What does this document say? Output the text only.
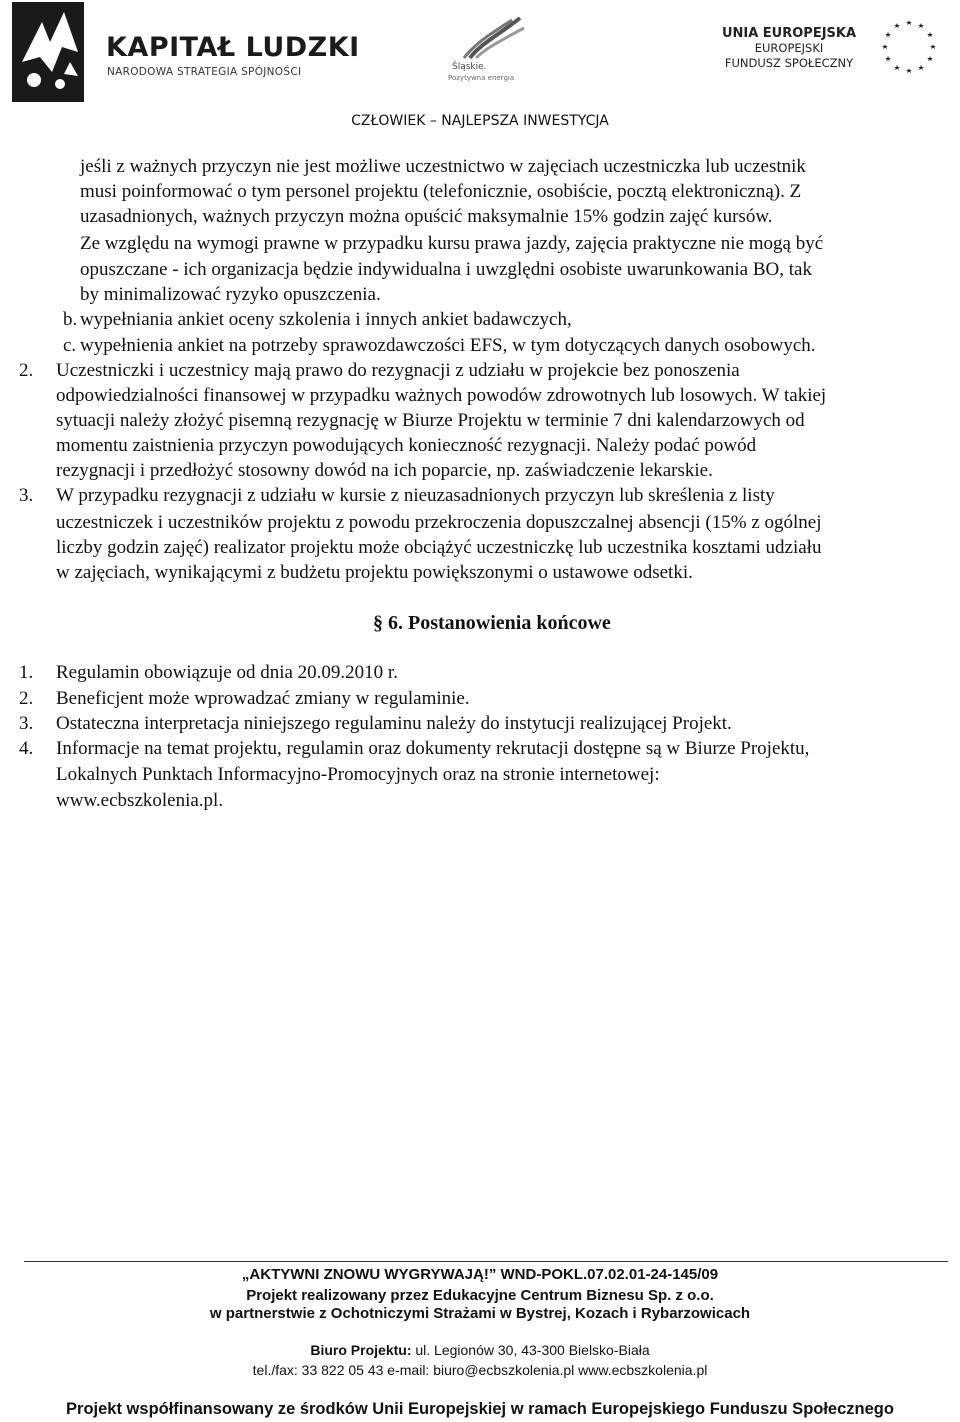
KAPITAŁ LUDZKI
NARODOWA STRATEGIA SPÓJNOŚCI	Śląskie.
Pozytywna energia
UNIA EUROPEJSKA
EUROPEJSKI
FUNDUSZ SPOŁECZNY
CZŁOWIEK – NAJLEPSZA INWESTYCJA
jeśli z ważnych przyczyn nie jest możliwe uczestnictwo w zajęciach uczestniczka lub uczestnik
musi poinformować o tym personel projektu (telefonicznie, osobiście, pocztą elektroniczną). Z
uzasadnionych, ważnych przyczyn można opuścić maksymalnie 15% godzin zajęć kursów.
Ze względu na wymogi prawne w przypadku kursu prawa jazdy, zajęcia praktyczne nie mogą być
opuszczane - ich organizacja będzie indywidualna i uwzględni osobiste uwarunkowania BO, tak
by minimalizować ryzyko opuszczenia.
b. wypełniania ankiet oceny szkolenia i innych ankiet badawczych,
c. wypełnienia ankiet na potrzeby sprawozdawczości EFS, w tym dotyczących danych osobowych.
2. Uczestniczki i uczestnicy mają prawo do rezygnacji z udziału w projekcie bez ponoszenia
odpowiedzialności finansowej w przypadku ważnych powodów zdrowotnych lub losowych. W takiej
sytuacji należy złożyć pisemną rezygnację w Biurze Projektu w terminie 7 dni kalendarzowych od
momentu zaistnienia przyczyn powodujących konieczność rezygnacji. Należy podać powód
rezygnacji i przedłożyć stosowny dowód na ich poparcie, np. zaświadczenie lekarskie.
3. W przypadku rezygnacji z udziału w kursie z nieuzasadnionych przyczyn lub skreślenia z listy
uczestniczek i uczestników projektu z powodu przekroczenia dopuszczalnej absencji (15% z ogólnej
liczby godzin zajęć) realizator projektu może obciążyć uczestniczkę lub uczestnika kosztami udziału
w zajęciach, wynikającymi z budżetu projektu powiększonymi o ustawowe odsetki.
§ 6. Postanowienia końcowe
1. Regulamin obowiązuje od dnia 20.09.2010 r.
2. Beneficjent może wprowadzać zmiany w regulaminie.
3. Ostateczna interpretacja niniejszego regulaminu należy do instytucji realizującej Projekt.
4. Informacje na temat projektu, regulamin oraz dokumenty rekrutacji dostępne są w Biurze Projektu,
Lokalnych Punktach Informacyjno-Promocyjnych oraz na stronie internetowej:
www.ecbszkolenia.pl.
„AKTYWNI ZNOWU WYGRYWAJĄ!” WND-POKL.07.02.01-24-145/09
Projekt realizowany przez Edukacyjne Centrum Biznesu Sp. z o.o.
w partnerstwie z Ochotniczymi Strażami w Bystrej, Kozach i Rybarzowicach
Biuro Projektu: ul. Legionów 30, 43-300 Bielsko-Biała
tel./fax: 33 822 05 43 e-mail: biuro@ecbszkolenia.pl www.ecbszkolenia.pl
Projekt współfinansowany ze środków Unii Europejskiej w ramach Europejskiego Funduszu Społecznego
